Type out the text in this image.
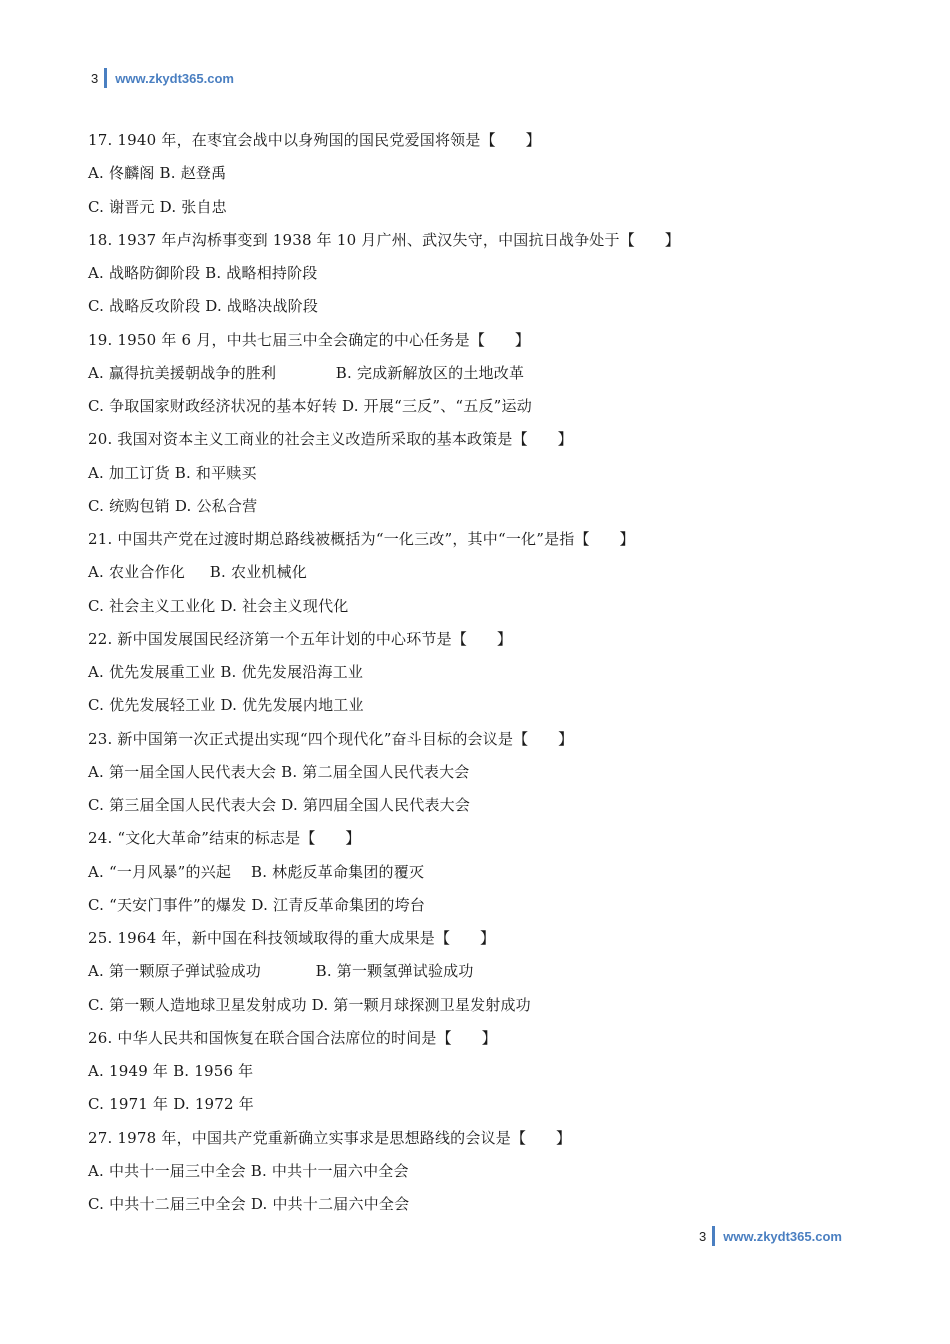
3 www.zkydt365.com
17. 1940 年，在枣宜会战中以身殉国的国民党爱国将领是【      】
A. 佟麟阁 B. 赵登禹
C. 谢晋元 D. 张自忠
18. 1937 年卢沟桥事变到 1938 年 10 月广州、武汉失守，中国抗日战争处于【      】
A. 战略防御阶段 B. 战略相持阶段
C. 战略反攻阶段 D. 战略决战阶段
19. 1950 年 6 月，中共七届三中全会确定的中心任务是【      】
A. 赢得抗美援朝战争的胜利            B. 完成新解放区的土地改革
C. 争取国家财政经济状况的基本好转 D. 开展“三反”、“五反”运动
20. 我国对资本主义工商业的社会主义改造所采取的基本政策是【      】
A. 加工订货 B. 和平赎买
C. 统购包销 D. 公私合营
21. 中国共产党在过渡时期总路线被概括为“一化三改”，其中“一化”是指【      】
A. 农业合作化     B. 农业机械化
C. 社会主义工业化 D. 社会主义现代化
22. 新中国发展国民经济第一个五年计划的中心环节是【      】
A. 优先发展重工业 B. 优先发展沿海工业
C. 优先发展轻工业 D. 优先发展内地工业
23. 新中国第一次正式提出实现“四个现代化”奋斗目标的会议是【      】
A. 第一届全国人民代表大会 B. 第二届全国人民代表大会
C. 第三届全国人民代表大会 D. 第四届全国人民代表大会
24. “文化大革命”结束的标志是【      】
A. “一月风暴”的兴起    B. 林彪反革命集团的覆灭
C. “天安门事件”的爆发 D. 江青反革命集团的垮台
25. 1964 年，新中国在科技领域取得的重大成果是【      】
A. 第一颗原子弹试验成功           B. 第一颗氢弹试验成功
C. 第一颗人造地球卫星发射成功 D. 第一颗月球探测卫星发射成功
26. 中华人民共和国恢复在联合国合法席位的时间是【      】
A. 1949 年 B. 1956 年
C. 1971 年 D. 1972 年
27. 1978 年，中国共产党重新确立实事求是思想路线的会议是【      】
A. 中共十一届三中全会 B. 中共十一届六中全会
C. 中共十二届三中全会 D. 中共十二届六中全会
3 www.zkydt365.com
